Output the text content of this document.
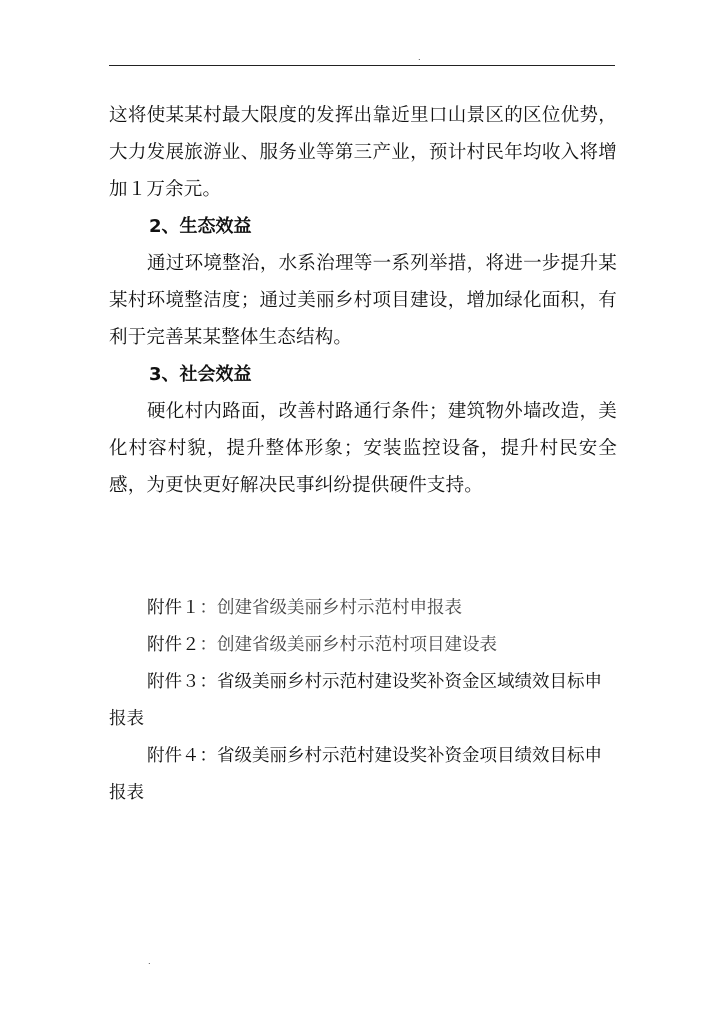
.

这将使某某村最大限度的发挥出靠近里口山景区的区位优势，大力发展旅游业、服务业等第三产业，预计村民年均收入将增加１万余元。

2、生态效益

通过环境整治，水系治理等一系列举措，将进一步提升某某村环境整洁度；通过美丽乡村项目建设，增加绿化面积，有利于完善某某整体生态结构。

3、社会效益

硬化村内路面，改善村路通行条件；建筑物外墙改造，美化村容村貌，提升整体形象；安装监控设备，提升村民安全感，为更快更好解决民事纠纷提供硬件支持。

附件１：创建省级美丽乡村示范村申报表

附件２：创建省级美丽乡村示范村项目建设表

附件３：省级美丽乡村示范村建设奖补资金区域绩效目标申报表

附件４：省级美丽乡村示范村建设奖补资金项目绩效目标申报表

.
